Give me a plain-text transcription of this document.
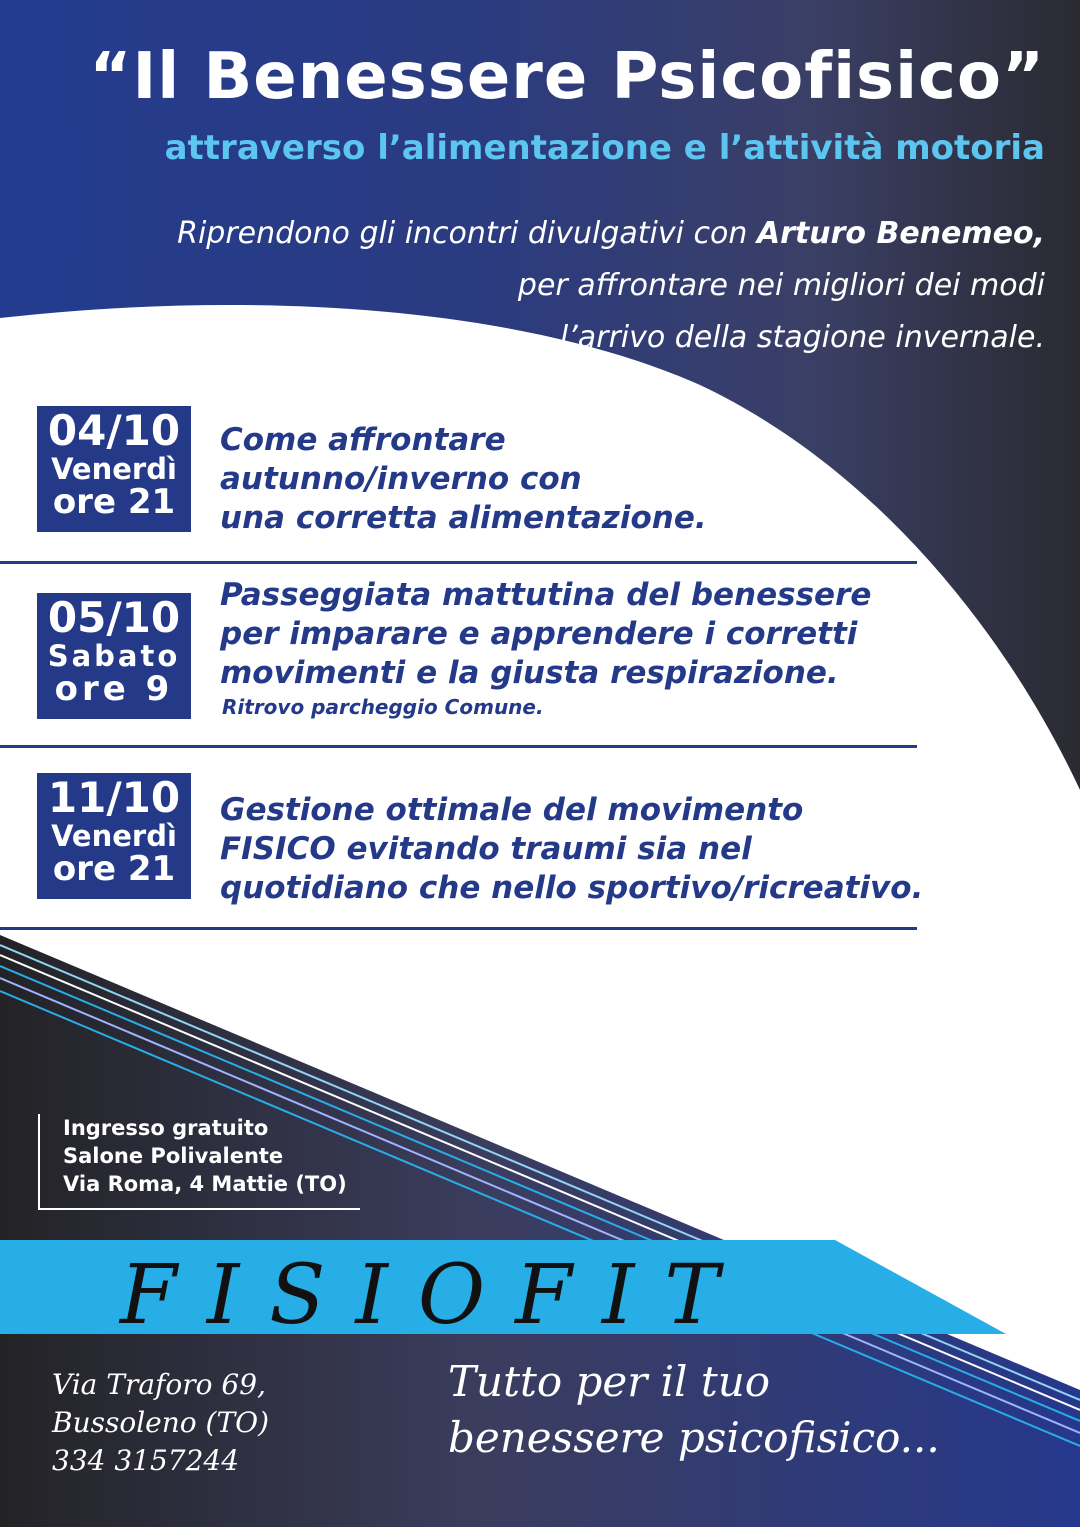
“Il Benessere Psicofisico”
attraverso l’alimentazione e l’attività motoria
Riprendono gli incontri divulgativi con Arturo Benemeo,
per affrontare nei migliori dei modi
l’arrivo della stagione invernale.
04/10
Venerdì
ore 21
Come affrontare
autunno/inverno con
una corretta alimentazione.
05/10
Sabato
ore 9
Passeggiata mattutina del benessere
per imparare e apprendere i corretti
movimenti e la giusta respirazione.
Ritrovo parcheggio Comune.
11/10
Venerdì
ore 21
Gestione ottimale del movimento
FISICO evitando traumi sia nel
quotidiano che nello sportivo/ricreativo.
Ingresso gratuito
Salone Polivalente
Via Roma, 4 Mattie (TO)
FISIOFIT
Via Traforo 69,
Bussoleno (TO)
334 3157244
Tutto per il tuo
benessere psicofisico...
